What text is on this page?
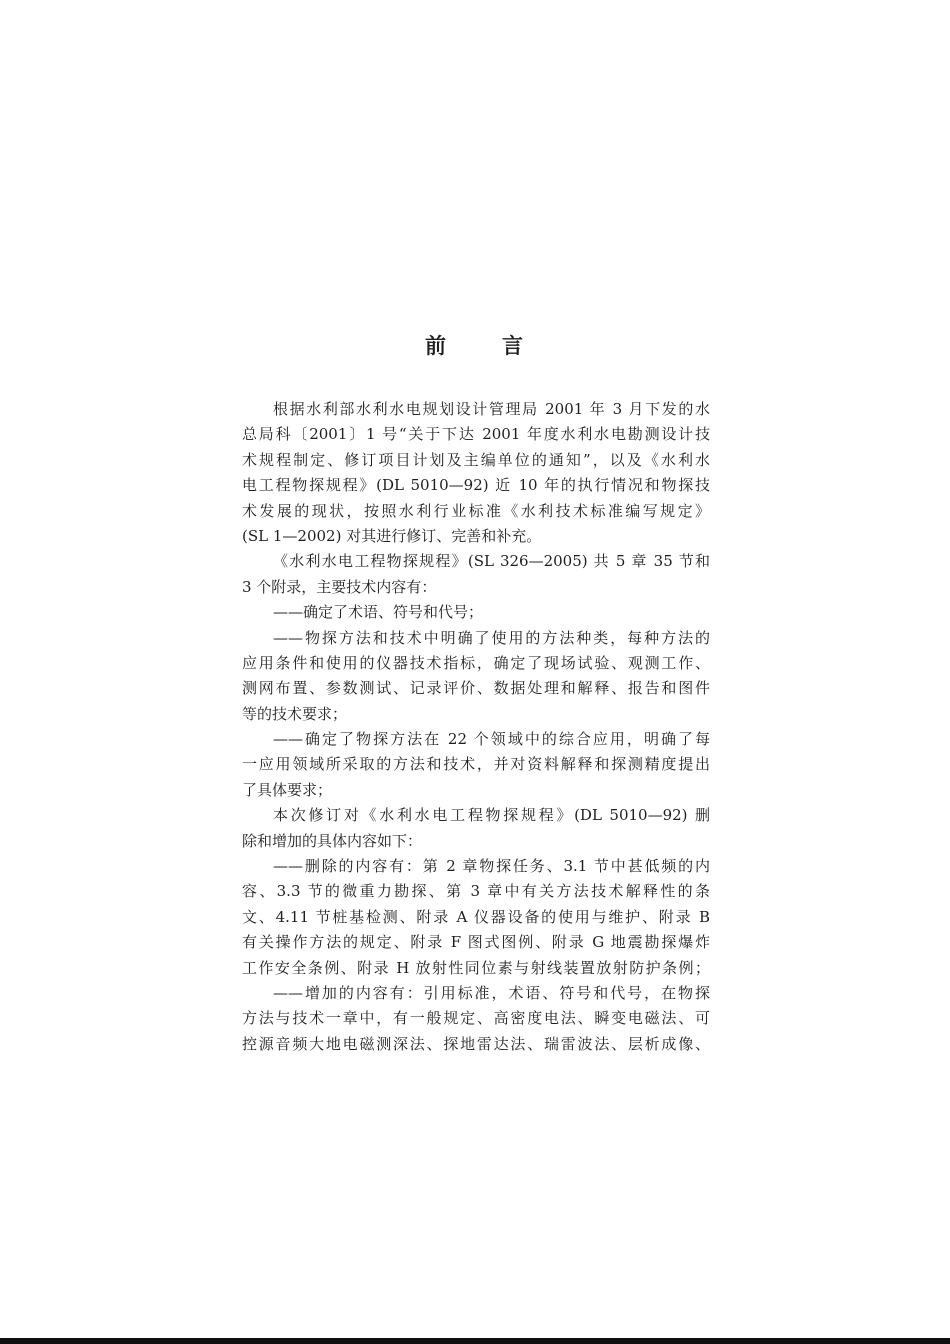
前	言
根据水利部水利水电规划设计管理局 2001 年 3 月下发的水
总局科〔2001〕1 号“关于下达 2001 年度水利水电勘测设计技
术规程制定、修订项目计划及主编单位的通知”，以及《水利水
电工程物探规程》(DL 5010—92) 近 10 年的执行情况和物探技
术发展的现状，按照水利行业标准《水利技术标准编写规定》
(SL 1—2002) 对其进行修订、完善和补充。
《水利水电工程物探规程》(SL 326—2005) 共 5 章 35 节和
3 个附录，主要技术内容有：
——确定了术语、符号和代号；
——物探方法和技术中明确了使用的方法种类，每种方法的
应用条件和使用的仪器技术指标，确定了现场试验、观测工作、
测网布置、参数测试、记录评价、数据处理和解释、报告和图件
等的技术要求；
——确定了物探方法在 22 个领域中的综合应用，明确了每
一应用领域所采取的方法和技术，并对资料解释和探测精度提出
了具体要求；
本次修订对《水利水电工程物探规程》(DL 5010—92) 删
除和增加的具体内容如下：
——删除的内容有：第 2 章物探任务、3.1 节中甚低频的内
容、3.3 节的微重力勘探、第 3 章中有关方法技术解释性的条
文、4.11 节桩基检测、附录 A 仪器设备的使用与维护、附录 B
有关操作方法的规定、附录 F 图式图例、附录 G 地震勘探爆炸
工作安全条例、附录 H 放射性同位素与射线装置放射防护条例；
——增加的内容有：引用标准，术语、符号和代号，在物探
方法与技术一章中，有一般规定、高密度电法、瞬变电磁法、可
控源音频大地电磁测深法、探地雷达法、瑞雷波法、层析成像、
